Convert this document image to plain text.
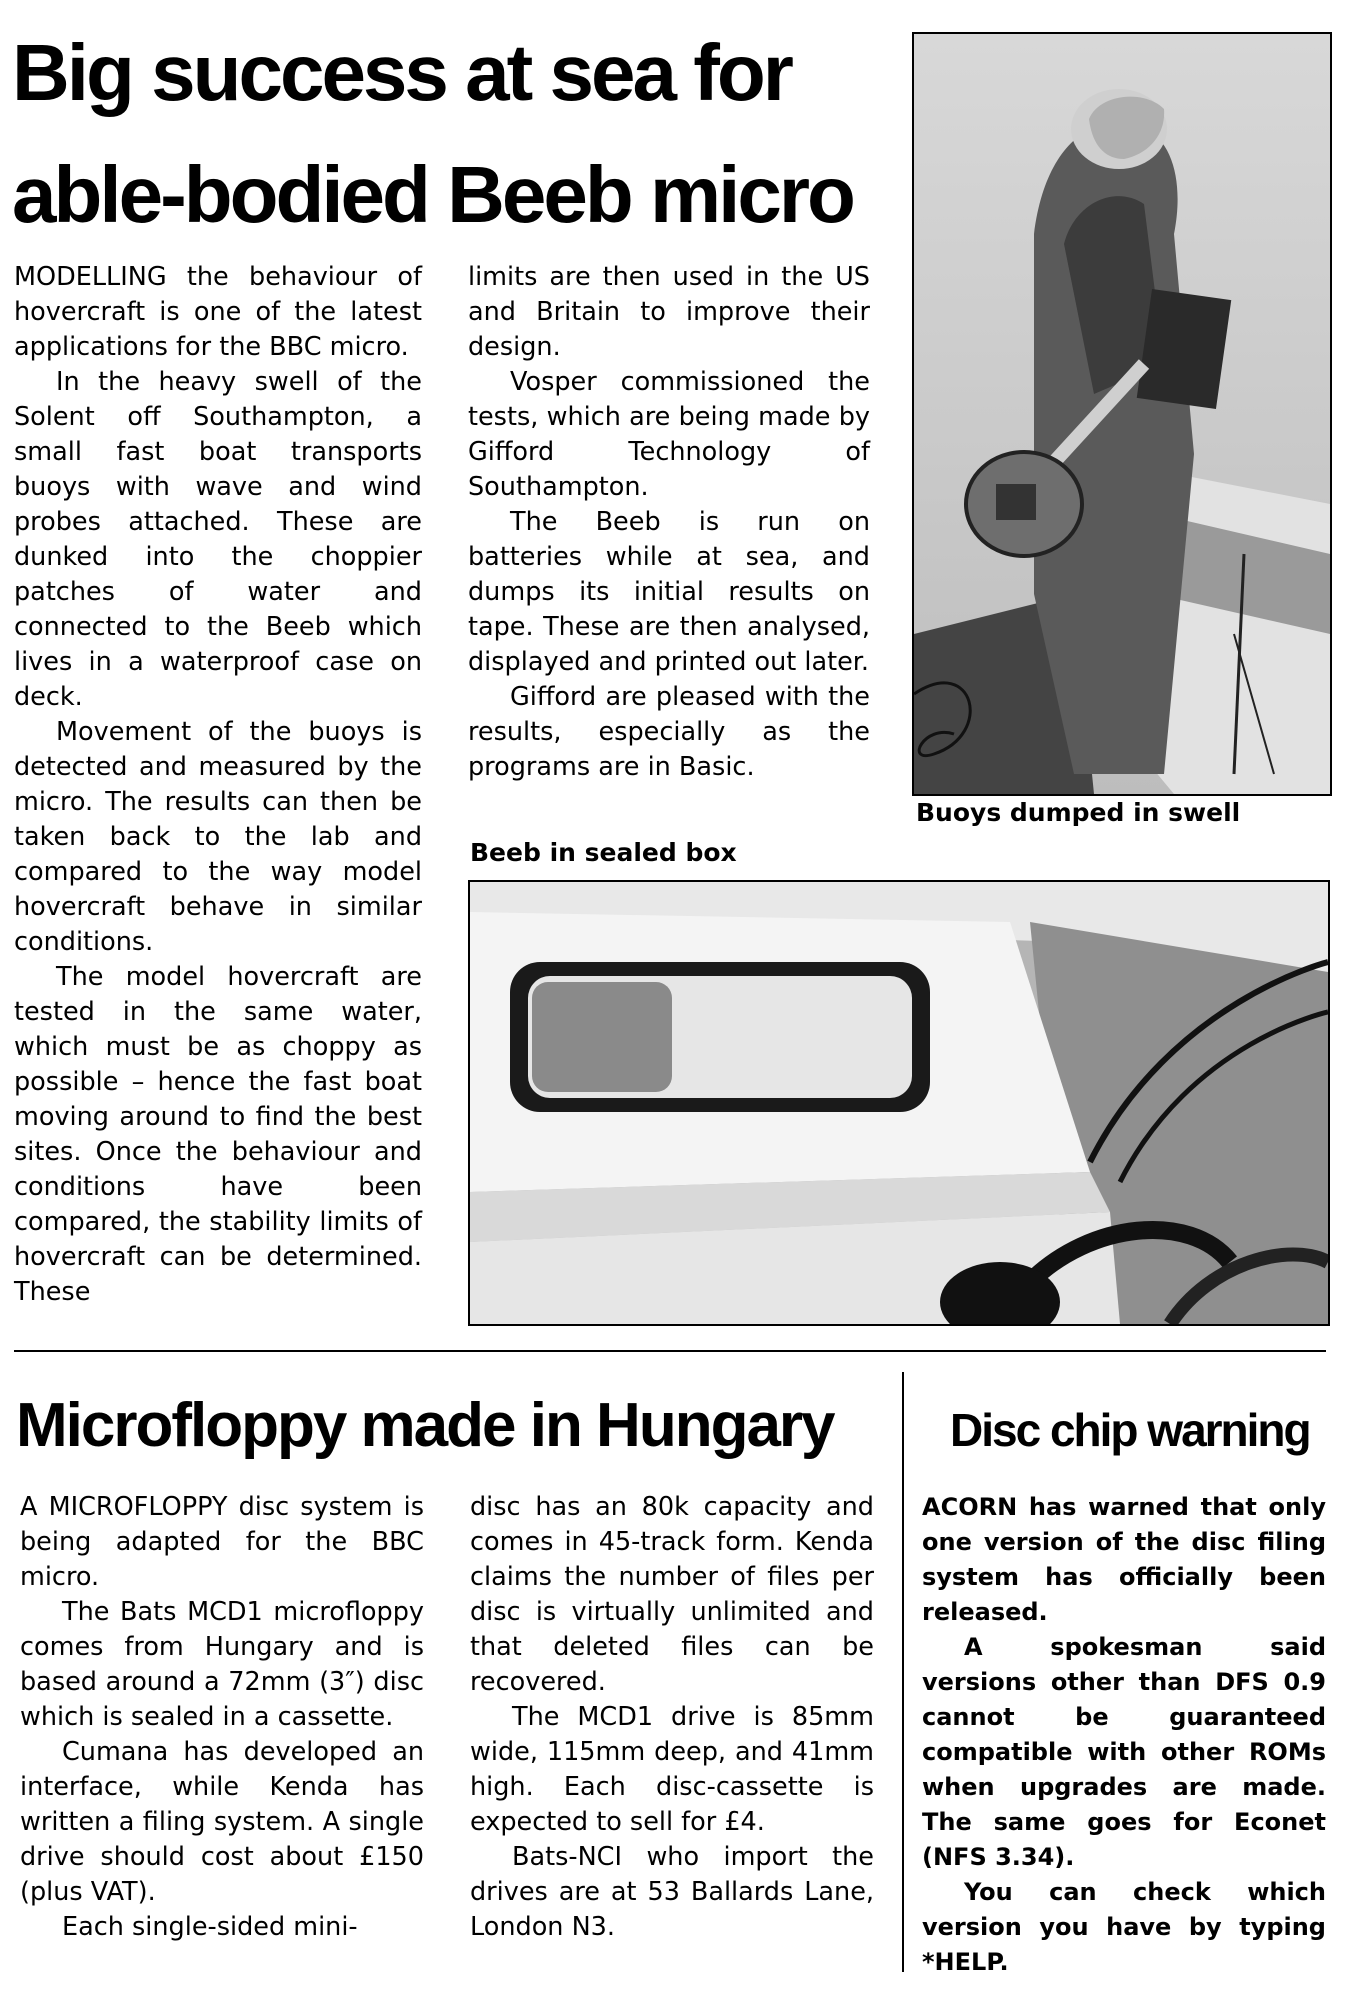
Big success at sea for
able-bodied Beeb micro

MODELLING the behaviour of hovercraft is one of the latest applications for the BBC micro.

In the heavy swell of the Solent off Southampton, a small fast boat transports buoys with wave and wind probes attached. These are dunked into the choppier patches of water and connected to the Beeb which lives in a waterproof case on deck.

Movement of the buoys is detected and measured by the micro. The results can then be taken back to the lab and compared to the way model hovercraft behave in similar conditions.

The model hovercraft are tested in the same water, which must be as choppy as possible – hence the fast boat moving around to find the best sites. Once the behaviour and conditions have been compared, the stability limits of hovercraft can be determined. These

limits are then used in the US and Britain to improve their design.

Vosper commissioned the tests, which are being made by Gifford Technology of Southampton.

The Beeb is run on batteries while at sea, and dumps its initial results on tape. These are then analysed, displayed and printed out later.

Gifford are pleased with the results, especially as the programs are in Basic.

Buoys dumped in swell
Beeb in sealed box
Microfloppy made in Hungary

A MICROFLOPPY disc system is being adapted for the BBC micro.

The Bats MCD1 microfloppy comes from Hungary and is based around a 72mm (3″) disc which is sealed in a cassette.

Cumana has developed an interface, while Kenda has written a filing system. A single drive should cost about £150 (plus VAT).

Each single-sided mini-

disc has an 80k capacity and comes in 45-track form. Kenda claims the number of files per disc is virtually unlimited and that deleted files can be recovered.

The MCD1 drive is 85mm wide, 115mm deep, and 41mm high. Each disc-cassette is expected to sell for £4.

Bats-NCI who import the drives are at 53 Ballards Lane, London N3.

Disc chip warning

ACORN has warned that only one version of the disc filing system has officially been released.

A spokesman said versions other than DFS 0.9 cannot be guaranteed compatible with other ROMs when upgrades are made. The same goes for Econet (NFS 3.34).

You can check which version you have by typing *HELP.
